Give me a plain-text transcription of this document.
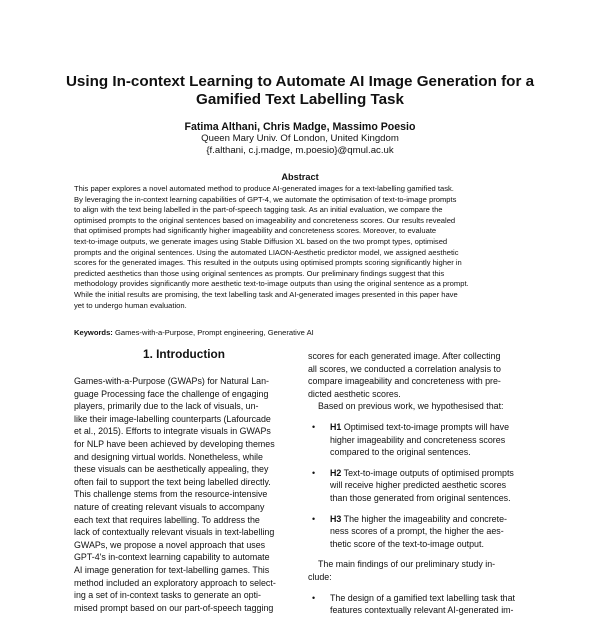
Using In-context Learning to Automate AI Image Generation for a
Gamified Text Labelling Task
Fatima Althani, Chris Madge, Massimo Poesio
Queen Mary Univ. Of London, United Kingdom
{f.althani, c.j.madge, m.poesio}@qmul.ac.uk
Abstract
This paper explores a novel automated method to produce AI-generated images for a text-labelling gamified task.
By leveraging the in-context learning capabilities of GPT-4, we automate the optimisation of text-to-image prompts
to align with the text being labelled in the part-of-speech tagging task. As an initial evaluation, we compare the
optimised prompts to the original sentences based on imageability and concreteness scores. Our results revealed
that optimised prompts had significantly higher imageability and concreteness scores. Moreover, to evaluate
text-to-image outputs, we generate images using Stable Diffusion XL based on the two prompt types, optimised
prompts and the original sentences. Using the automated LIAON-Aesthetic predictor model, we assigned aesthetic
scores for the generated images. This resulted in the outputs using optimised prompts scoring significantly higher in
predicted aesthetics than those using original sentences as prompts. Our preliminary findings suggest that this
methodology provides significantly more aesthetic text-to-image outputs than using the original sentence as a prompt.
While the initial results are promising, the text labelling task and AI-generated images presented in this paper have
yet to undergo human evaluation.
Keywords: Games-with-a-Purpose, Prompt engineering, Generative AI
1. Introduction
Games-with-a-Purpose (GWAPs) for Natural Lan-
guage Processing face the challenge of engaging
players, primarily due to the lack of visuals, un-
like their image-labelling counterparts (Lafourcade
et al., 2015). Efforts to integrate visuals in GWAPs
for NLP have been achieved by developing themes
and designing virtual worlds. Nonetheless, while
these visuals can be aesthetically appealing, they
often fail to support the text being labelled directly.
This challenge stems from the resource-intensive
nature of creating relevant visuals to accompany
each text that requires labelling. To address the
lack of contextually relevant visuals in text-labelling
GWAPs, we propose a novel approach that uses
GPT-4's in-context learning capability to automate
AI image generation for text-labelling games. This
method included an exploratory approach to select-
ing a set of in-context tasks to generate an opti-
mised prompt based on our part-of-speech tagging
scores for each generated image. After collecting
all scores, we conducted a correlation analysis to
compare imageability and concreteness with pre-
dicted aesthetic scores.
Based on previous work, we hypothesised that:
• H1 Optimised text-to-image prompts will have
higher imageability and concreteness scores
compared to the original sentences.
• H2 Text-to-image outputs of optimised prompts
will receive higher predicted aesthetic scores
than those generated from original sentences.
• H3 The higher the imageability and concrete-
ness scores of a prompt, the higher the aes-
thetic score of the text-to-image output.
The main findings of our preliminary study in-
clude:
• The design of a gamified text labelling task that
features contextually relevant AI-generated im-
